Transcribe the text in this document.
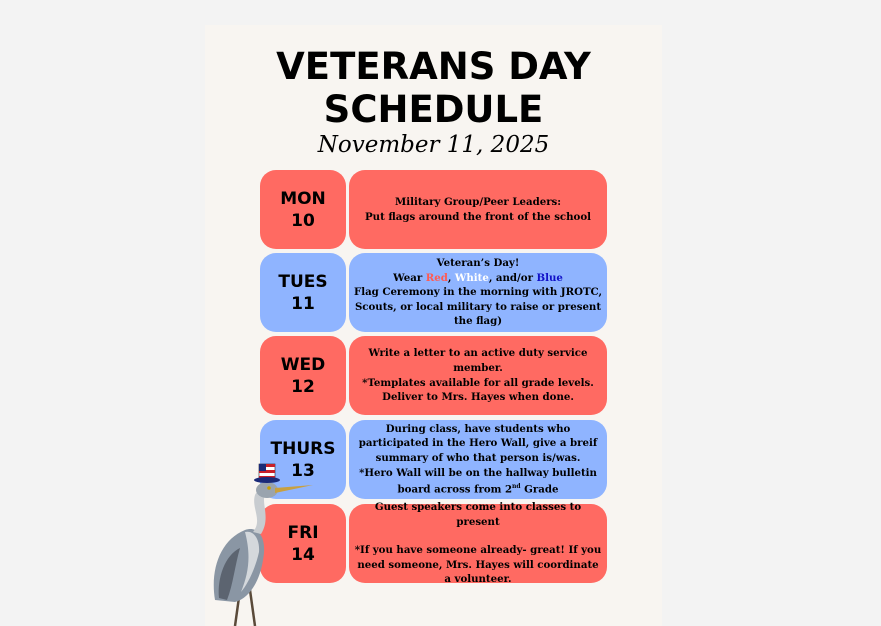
VETERANS DAY
SCHEDULE
November 11, 2025
MON
10
Military Group/Peer Leaders:
Put flags around the front of the school
TUES
11
Veteran’s Day!
Wear Red, White, and/or Blue
Flag Ceremony in the morning with JROTC, Scouts, or local military to raise or present the flag)
WED
12
Write a letter to an active duty service member.
*Templates available for all grade levels.
Deliver to Mrs. Hayes when done.
THURS
13
During class, have students who participated in the Hero Wall, give a breif summary of who that person is/was.
*Hero Wall will be on the hallway bulletin board across from 2nd Grade
FRI
14
Guest speakers come into classes to present
*If you have someone already- great! If you need someone, Mrs. Hayes will coordinate a volunteer.
